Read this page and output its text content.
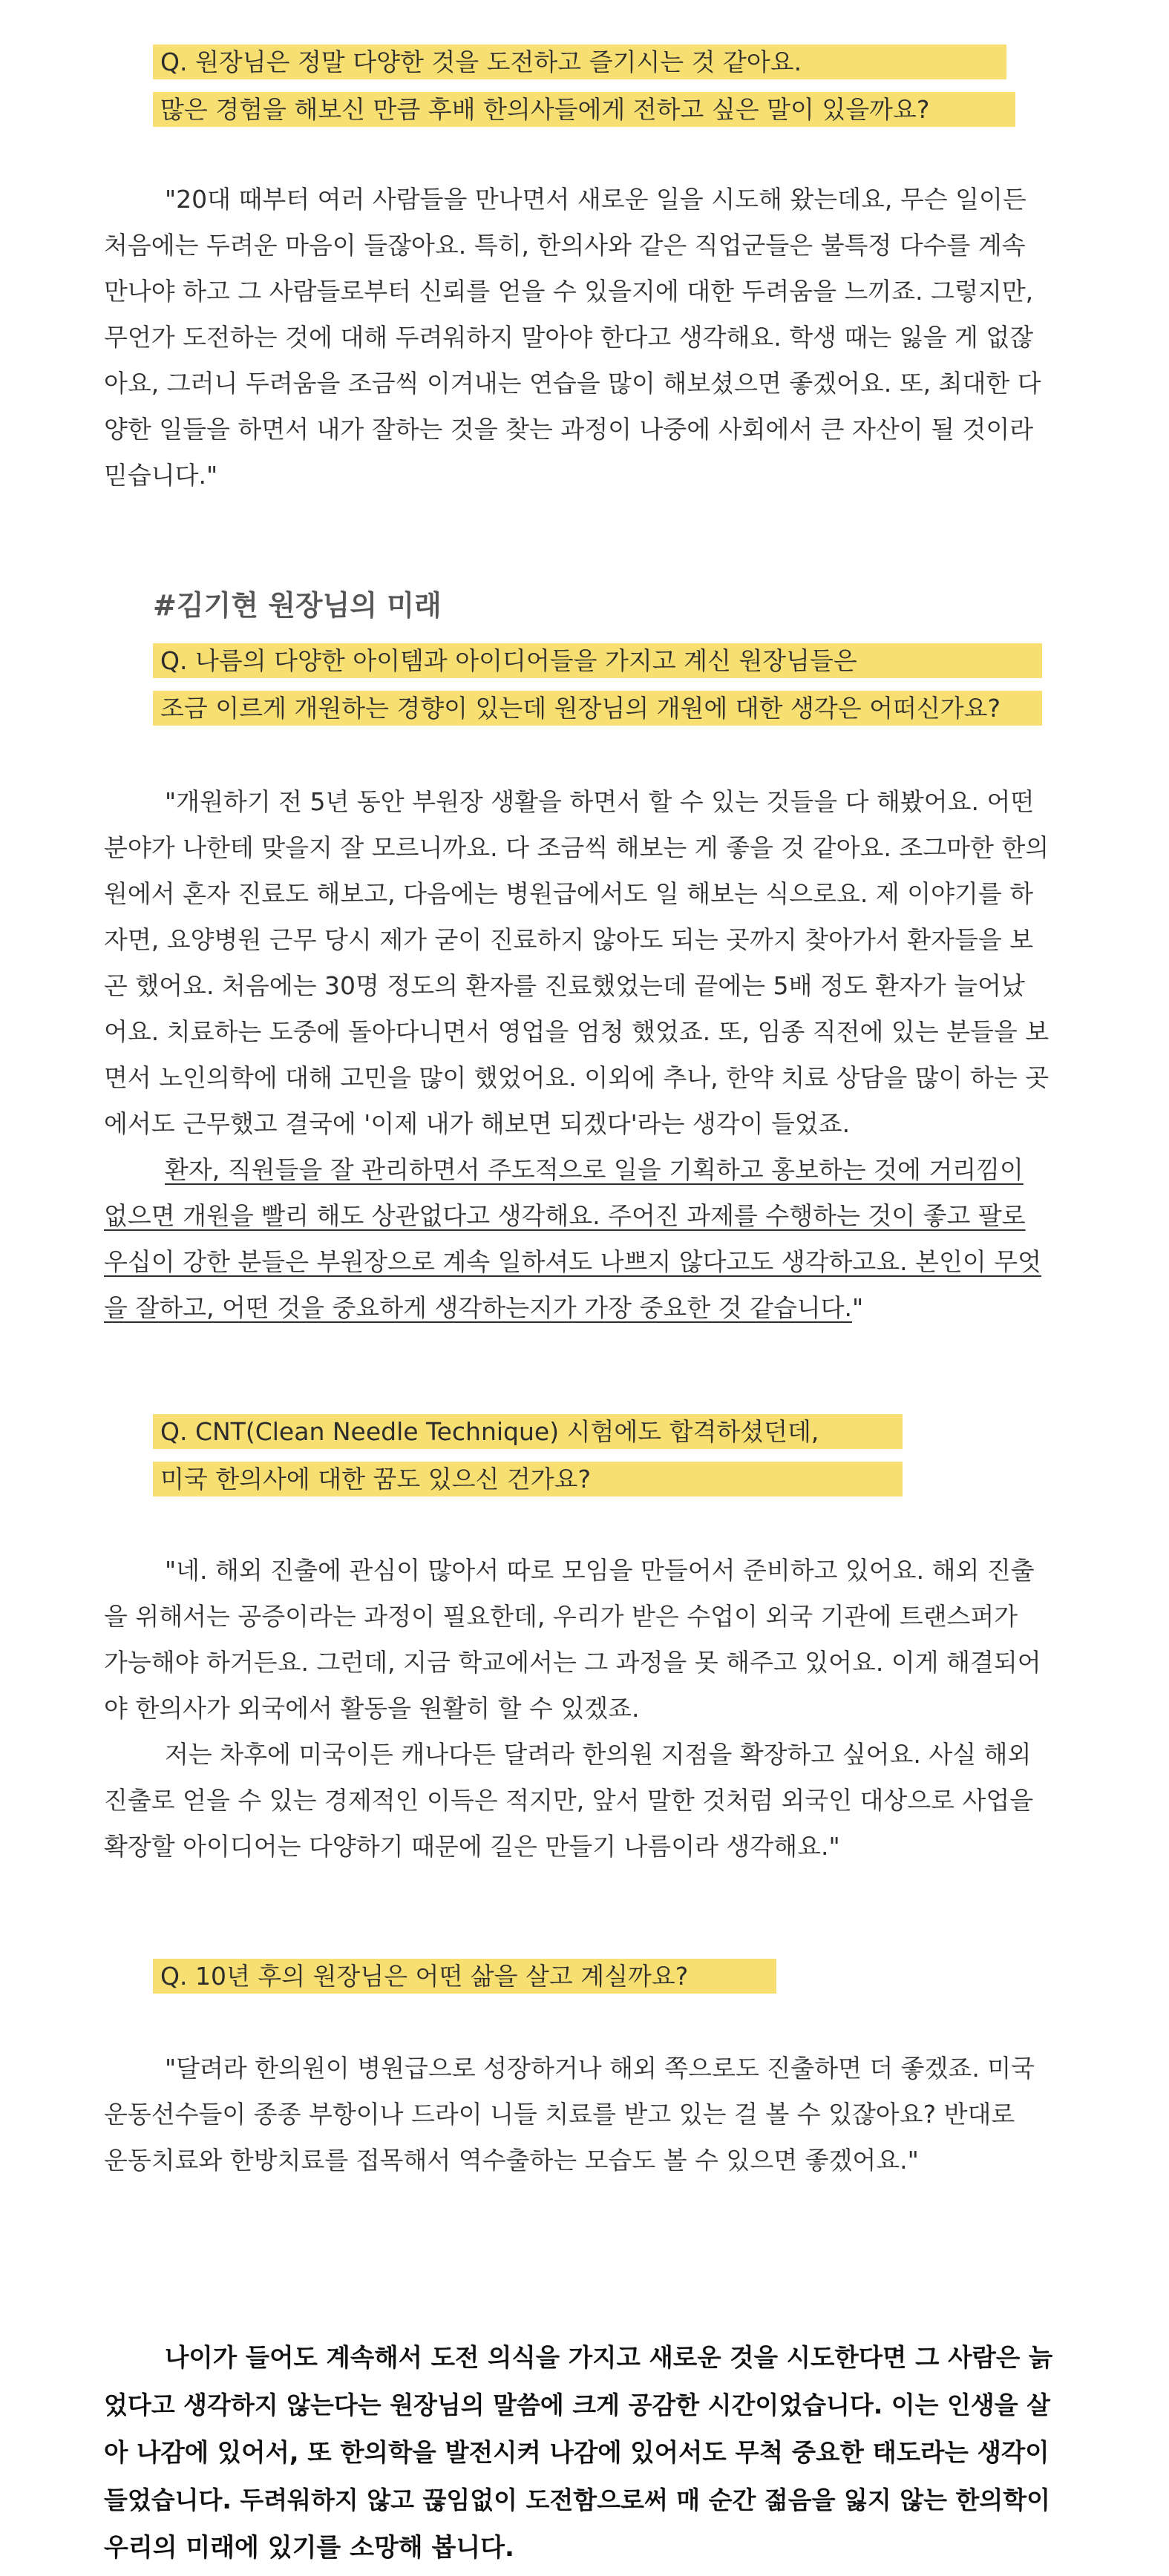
Q. 원장님은 정말 다양한 것을 도전하고 즐기시는 것 같아요.
많은 경험을 해보신 만큼 후배 한의사들에게 전하고 싶은 말이 있을까요?
"20대 때부터 여러 사람들을 만나면서 새로운 일을 시도해 왔는데요, 무슨 일이든
처음에는 두려운 마음이 들잖아요. 특히, 한의사와 같은 직업군들은 불특정 다수를 계속
만나야 하고 그 사람들로부터 신뢰를 얻을 수 있을지에 대한 두려움을 느끼죠. 그렇지만,
무언가 도전하는 것에 대해 두려워하지 말아야 한다고 생각해요. 학생 때는 잃을 게 없잖
아요, 그러니 두려움을 조금씩 이겨내는 연습을 많이 해보셨으면 좋겠어요. 또, 최대한 다
양한 일들을 하면서 내가 잘하는 것을 찾는 과정이 나중에 사회에서 큰 자산이 될 것이라
믿습니다."
#김기현 원장님의 미래
Q. 나름의 다양한 아이템과 아이디어들을 가지고 계신 원장님들은
조금 이르게 개원하는 경향이 있는데 원장님의 개원에 대한 생각은 어떠신가요?
"개원하기 전 5년 동안 부원장 생활을 하면서 할 수 있는 것들을 다 해봤어요. 어떤
분야가 나한테 맞을지 잘 모르니까요. 다 조금씩 해보는 게 좋을 것 같아요. 조그마한 한의
원에서 혼자 진료도 해보고, 다음에는 병원급에서도 일 해보는 식으로요. 제 이야기를 하
자면, 요양병원 근무 당시 제가 굳이 진료하지 않아도 되는 곳까지 찾아가서 환자들을 보
곤 했어요. 처음에는 30명 정도의 환자를 진료했었는데 끝에는 5배 정도 환자가 늘어났
어요. 치료하는 도중에 돌아다니면서 영업을 엄청 했었죠. 또, 임종 직전에 있는 분들을 보
면서 노인의학에 대해 고민을 많이 했었어요. 이외에 추나, 한약 치료 상담을 많이 하는 곳
에서도 근무했고 결국에 '이제 내가 해보면 되겠다'라는 생각이 들었죠.
환자, 직원들을 잘 관리하면서 주도적으로 일을 기획하고 홍보하는 것에 거리낌이
없으면 개원을 빨리 해도 상관없다고 생각해요. 주어진 과제를 수행하는 것이 좋고 팔로
우십이 강한 분들은 부원장으로 계속 일하셔도 나쁘지 않다고도 생각하고요. 본인이 무엇
을 잘하고, 어떤 것을 중요하게 생각하는지가 가장 중요한 것 같습니다."
Q. CNT(Clean Needle Technique) 시험에도 합격하셨던데,
미국 한의사에 대한 꿈도 있으신 건가요?
"네. 해외 진출에 관심이 많아서 따로 모임을 만들어서 준비하고 있어요. 해외 진출
을 위해서는 공증이라는 과정이 필요한데, 우리가 받은 수업이 외국 기관에 트랜스퍼가
가능해야 하거든요. 그런데, 지금 학교에서는 그 과정을 못 해주고 있어요. 이게 해결되어
야 한의사가 외국에서 활동을 원활히 할 수 있겠죠.
저는 차후에 미국이든 캐나다든 달려라 한의원 지점을 확장하고 싶어요. 사실 해외
진출로 얻을 수 있는 경제적인 이득은 적지만, 앞서 말한 것처럼 외국인 대상으로 사업을
확장할 아이디어는 다양하기 때문에 길은 만들기 나름이라 생각해요."
Q. 10년 후의 원장님은 어떤 삶을 살고 계실까요?
"달려라 한의원이 병원급으로 성장하거나 해외 쪽으로도 진출하면 더 좋겠죠. 미국
운동선수들이 종종 부항이나 드라이 니들 치료를 받고 있는 걸 볼 수 있잖아요? 반대로
운동치료와 한방치료를 접목해서 역수출하는 모습도 볼 수 있으면 좋겠어요."
나이가 들어도 계속해서 도전 의식을 가지고 새로운 것을 시도한다면 그 사람은 늙
었다고 생각하지 않는다는 원장님의 말씀에 크게 공감한 시간이었습니다. 이는 인생을 살
아 나감에 있어서, 또 한의학을 발전시켜 나감에 있어서도 무척 중요한 태도라는 생각이
들었습니다. 두려워하지 않고 끊임없이 도전함으로써 매 순간 젊음을 잃지 않는 한의학이
우리의 미래에 있기를 소망해 봅니다.
